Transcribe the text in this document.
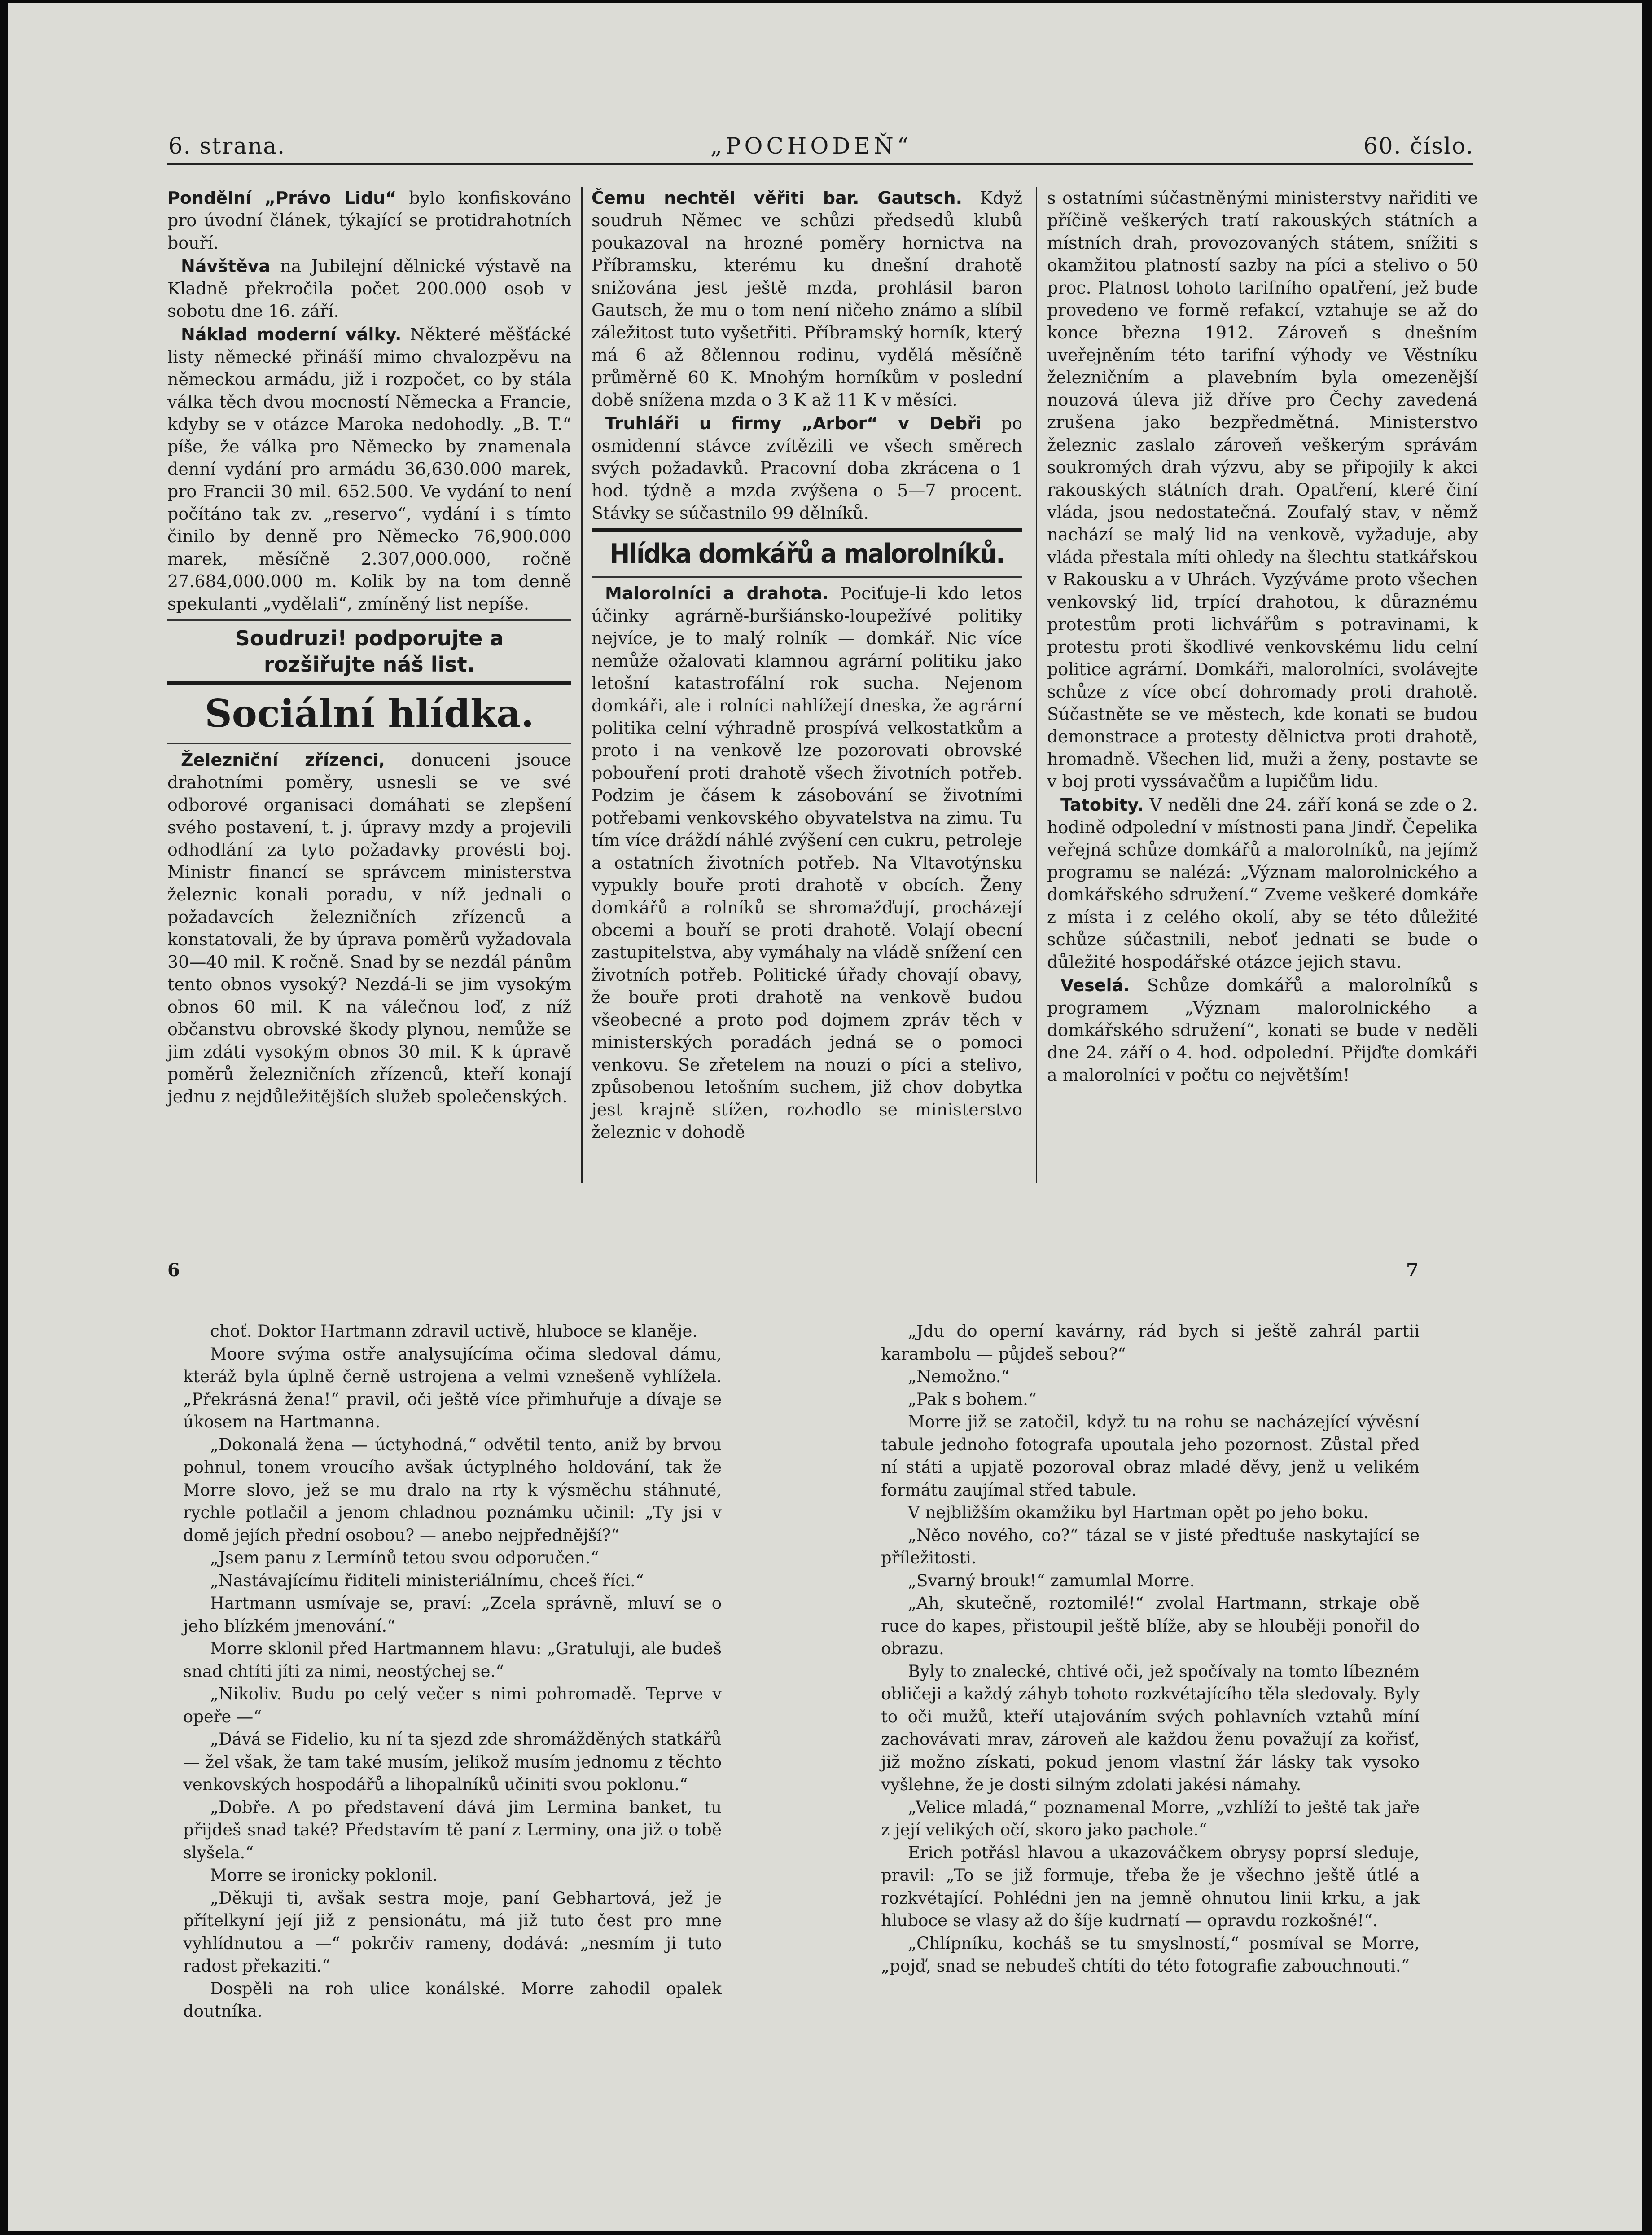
6. strana.	„POCHODEŇ“	60. číslo.

Pondělní „Právo Lidu“ bylo konfiskováno pro úvodní článek, týkající se protidrahotních bouří.

Návštěva na Jubilejní dělnické výstavě na Kladně překročila počet 200.000 osob v sobotu dne 16. září.

Náklad moderní války. Některé měšťácké listy německé přináší mimo chvalozpěvu na německou armádu, již i rozpočet, co by stála válka těch dvou mocností Německa a Francie, kdyby se v otázce Maroka nedohodly. „B. T.“ píše, že válka pro Německo by znamenala denní vydání pro armádu 36,630.000 marek, pro Francii 30 mil. 652.500. Ve vydání to není počítáno tak zv. „reservo“, vydání i s tímto činilo by denně pro Německo 76,900.000 marek, měsíčně 2.307,000.000, ročně 27.684,000.000 m. Kolik by na tom denně spekulanti „vydělali“, zmíněný list nepíše.

Soudruzi! podporujte a rozšiřujte náš list.
Sociální hlídka.

Železniční zřízenci, donuceni jsouce drahotními poměry, usnesli se ve své odborové organisaci domáhati se zlepšení svého postavení, t. j. úpravy mzdy a projevili odhodlání za tyto požadavky provésti boj. Ministr financí se správcem ministerstva železnic konali poradu, v níž jednali o požadavcích železničních zřízenců a konstatovali, že by úprava poměrů vyžadovala 30—40 mil. K ročně. Snad by se nezdál pánům tento obnos vysoký? Nezdá-li se jim vysokým obnos 60 mil. K na válečnou loď, z níž občanstvu obrovské škody plynou, nemůže se jim zdáti vysokým obnos 30 mil. K k úpravě poměrů železničních zřízenců, kteří konají jednu z nejdůležitějších služeb společenských.

Čemu nechtěl věřiti bar. Gautsch. Když soudruh Němec ve schůzi předsedů klubů poukazoval na hrozné poměry hornictva na Příbramsku, kterému ku dnešní drahotě snižována jest ještě mzda, prohlásil baron Gautsch, že mu o tom není ničeho známo a slíbil záležitost tuto vyšetřiti. Příbramský horník, který má 6 až 8člennou rodinu, vydělá měsíčně průměrně 60 K. Mnohým horníkům v poslední době snížena mzda o 3 K až 11 K v měsíci.

Truhláři u firmy „Arbor“ v Debři po osmidenní stávce zvítězili ve všech směrech svých požadavků. Pracovní doba zkrácena o 1 hod. týdně a mzda zvýšena o 5—7 procent. Stávky se súčastnilo 99 dělníků.

Hlídka domkářů a malorolníků.

Malorolníci a drahota. Pociťuje-li kdo letos účinky agrárně-buršiánsko-loupežívé politiky nejvíce, je to malý rolník — domkář. Nic více nemůže ožalovati klamnou agrární politiku jako letošní katastrofální rok sucha. Nejenom domkáři, ale i rolníci nahlížejí dneska, že agrární politika celní výhradně prospívá velkostatkům a proto i na venkově lze pozorovati obrovské pobouření proti drahotě všech životních potřeb. Podzim je čásem k zásobování se životními potřebami venkovského obyvatelstva na zimu. Tu tím více dráždí náhlé zvýšení cen cukru, petroleje a ostatních životních potřeb. Na Vltavotýnsku vypukly bouře proti drahotě v obcích. Ženy domkářů a rolníků se shromažďují, procházejí obcemi a bouří se proti drahotě. Volají obecní zastupitelstva, aby vymáhaly na vládě snížení cen životních potřeb. Politické úřady chovají obavy, že bouře proti drahotě na venkově budou všeobecné a proto pod dojmem zpráv těch v ministerských poradách jedná se o pomoci venkovu. Se zřetelem na nouzi o píci a stelivo, způsobenou letošním suchem, již chov dobytka jest krajně stížen, rozhodlo se ministerstvo železnic v dohodě

s ostatními súčastněnými ministerstvy nařiditi ve příčině veškerých tratí rakouských státních a místních drah, provozovaných státem, snížiti s okamžitou platností sazby na píci a stelivo o 50 proc. Platnost tohoto tarifního opatření, jež bude provedeno ve formě refakcí, vztahuje se až do konce března 1912. Zároveň s dnešním uveřejněním této tarifní výhody ve Věstníku železničním a plavebním byla omezenější nouzová úleva již dříve pro Čechy zavedená zrušena jako bezpředmětná. Ministerstvo železnic zaslalo zároveň veškerým správám soukromých drah výzvu, aby se připojily k akci rakouských státních drah. Opatření, které činí vláda, jsou nedostatečná. Zoufalý stav, v němž nachází se malý lid na venkově, vyžaduje, aby vláda přestala míti ohledy na šlechtu statkářskou v Rakousku a v Uhrách. Vyzýváme proto všechen venkovský lid, trpící drahotou, k důraznému protestům proti lichvářům s potravinami, k protestu proti škodlivé venkovskému lidu celní politice agrární. Domkáři, malorolníci, svolávejte schůze z více obcí dohromady proti drahotě. Súčastněte se ve městech, kde konati se budou demonstrace a protesty dělnictva proti drahotě, hromadně. Všechen lid, muži a ženy, postavte se v boj proti vyssávačům a lupičům lidu.

Tatobity. V neděli dne 24. září koná se zde o 2. hodině odpolední v místnosti pana Jindř. Čepelika veřejná schůze domkářů a malorolníků, na jejímž programu se nalézá: „Význam malorolnického a domkářského sdružení.“ Zveme veškeré domkáře z místa i z celého okolí, aby se této důležité schůze súčastnili, neboť jednati se bude o důležité hospodářské otázce jejich stavu.

Veselá. Schůze domkářů a malorolníků s programem „Význam malorolnického a domkářského sdružení“, konati se bude v neděli dne 24. září o 4. hod. odpolední. Přijďte domkáři a malorolníci v počtu co největším!

6	7

choť. Doktor Hartmann zdravil uctivě, hluboce se klaněje.

Moore svýma ostře analysujícíma očima sledoval dámu, kteráž byla úplně černě ustrojena a velmi vznešeně vyhlížela. „Překrásná žena!“ pravil, oči ještě více přimhuřuje a dívaje se úkosem na Hartmanna.

„Dokonalá žena — úctyhodná,“ odvětil tento, aniž by brvou pohnul, tonem vroucího avšak úctyplného holdování, tak že Morre slovo, jež se mu dralo na rty k výsměchu stáhnuté, rychle potlačil a jenom chladnou poznámku učinil: „Ty jsi v domě jejích přední osobou? — anebo nejpřednější?“

„Jsem panu z Lermínů tetou svou odporučen.“

„Nastávajícímu řiditeli ministeriálnímu, chceš říci.“

Hartmann usmívaje se, praví: „Zcela správně, mluví se o jeho blízkém jmenování.“

Morre sklonil před Hartmannem hlavu: „Gratuluji, ale budeš snad chtíti jíti za nimi, neostýchej se.“

„Nikoliv. Budu po celý večer s nimi pohromadě. Teprve v opeře —“

„Dává se Fidelio, ku ní ta sjezd zde shromážděných statkářů — žel však, že tam také musím, jelikož musím jednomu z těchto venkovských hospodářů a lihopalníků učiniti svou poklonu.“

„Dobře. A po představení dává jim Lermina banket, tu přijdeš snad také? Představím tě paní z Lerminy, ona již o tobě slyšela.“

Morre se ironicky poklonil.

„Děkuji ti, avšak sestra moje, paní Gebhartová, jež je přítelkyní její již z pensionátu, má již tuto čest pro mne vyhlídnutou a —“ pokrčiv rameny, dodává: „nesmím ji tuto radost překaziti.“

Dospěli na roh ulice konálské. Morre zahodil opalek doutníka.

„Jdu do operní kavárny, rád bych si ještě zahrál partii karambolu — půjdeš sebou?“

„Nemožno.“

„Pak s bohem.“

Morre již se zatočil, když tu na rohu se nacházející vývěsní tabule jednoho fotografa upoutala jeho pozornost. Zůstal před ní státi a upjatě pozoroval obraz mladé děvy, jenž u velikém formátu zaujímal střed tabule.

V nejbližším okamžiku byl Hartman opět po jeho boku.

„Něco nového, co?“ tázal se v jisté předtuše naskytající se příležitosti.

„Svarný brouk!“ zamumlal Morre.

„Ah, skutečně, roztomilé!“ zvolal Hartmann, strkaje obě ruce do kapes, přistoupil ještě blíže, aby se hlouběji ponořil do obrazu.

Byly to znalecké, chtivé oči, jež spočívaly na tomto líbezném obličeji a každý záhyb tohoto rozkvétajícího těla sledovaly. Byly to oči mužů, kteří utajováním svých pohlavních vztahů míní zachovávati mrav, zároveň ale každou ženu považují za kořisť, již možno získati, pokud jenom vlastní žár lásky tak vysoko vyšlehne, že je dosti silným zdolati jakési námahy.

„Velice mladá,“ poznamenal Morre, „vzhlíží to ještě tak jaře z její velikých očí, skoro jako pachole.“

Erich potřásl hlavou a ukazováčkem obrysy poprsí sleduje, pravil: „To se již formuje, třeba že je všechno ještě útlé a rozkvétající. Pohlédni jen na jemně ohnutou linii krku, a jak hluboce se vlasy až do šíje kudrnatí — opravdu rozkošné!“.

„Chlípníku, kocháš se tu smyslností,“ posmíval se Morre, „pojď, snad se nebudeš chtíti do této fotografie zabouchnouti.“
